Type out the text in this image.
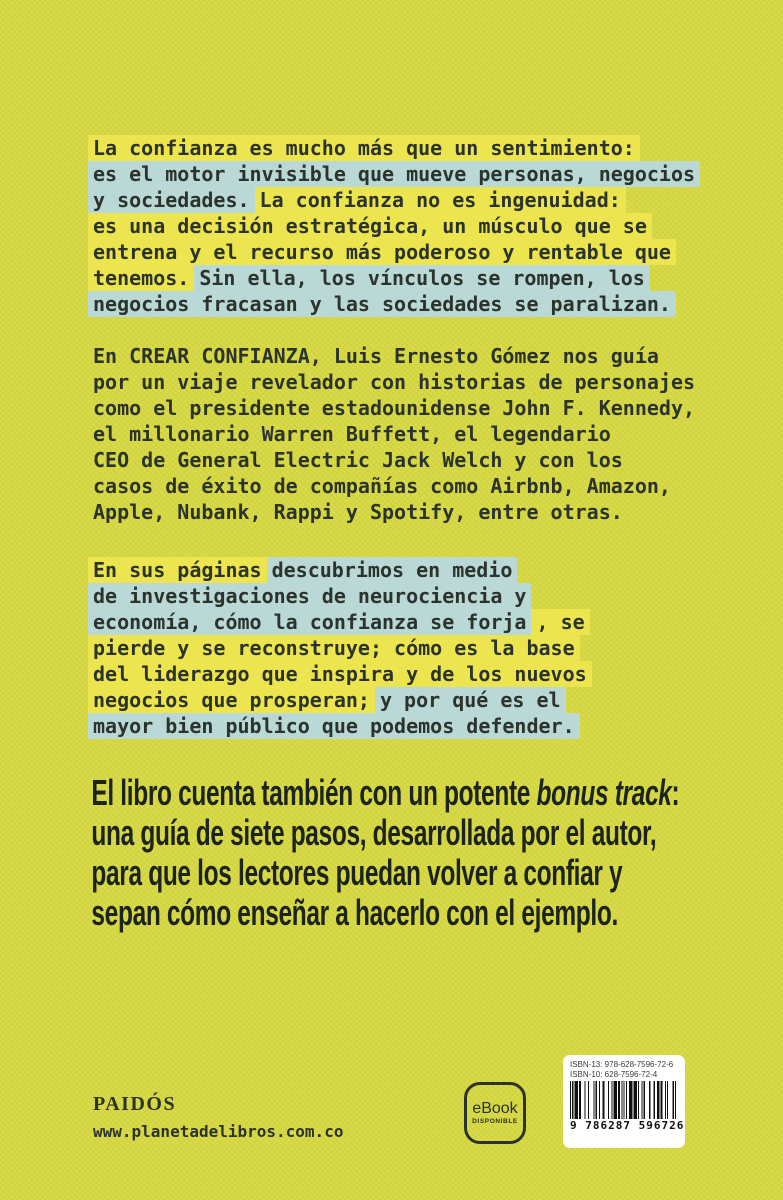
La confianza es mucho más que un sentimiento:
es el motor invisible que mueve personas, negocios
y sociedades. La confianza no es ingenuidad:
es una decisión estratégica, un músculo que se
entrena y el recurso más poderoso y rentable que
tenemos. Sin ella, los vínculos se rompen, los
negocios fracasan y las sociedades se paralizan.
En CREAR CONFIANZA, Luis Ernesto Gómez nos guía
por un viaje revelador con historias de personajes
como el presidente estadounidense John F. Kennedy,
el millonario Warren Buffett, el legendario
CEO de General Electric Jack Welch y con los
casos de éxito de compañías como Airbnb, Amazon,
Apple, Nubank, Rappi y Spotify, entre otras.
En sus páginas descubrimos en medio
de investigaciones de neurociencia y
economía, cómo la confianza se forja , se
pierde y se reconstruye; cómo es la base
del liderazgo que inspira y de los nuevos
negocios que prosperan; y por qué es el
mayor bien público que podemos defender.
El libro cuenta también con un potente bonus track:
una guía de siete pasos, desarrollada por el autor,
para que los lectores puedan volver a confiar y
sepan cómo enseñar a hacerlo con el ejemplo.
PAIDÓS
www.planetadelibros.com.co
eBook
DISPONIBLE
ISBN-13: 978-628-7596-72-6
ISBN-10: 628-7596-72-4
9 786287 596726
